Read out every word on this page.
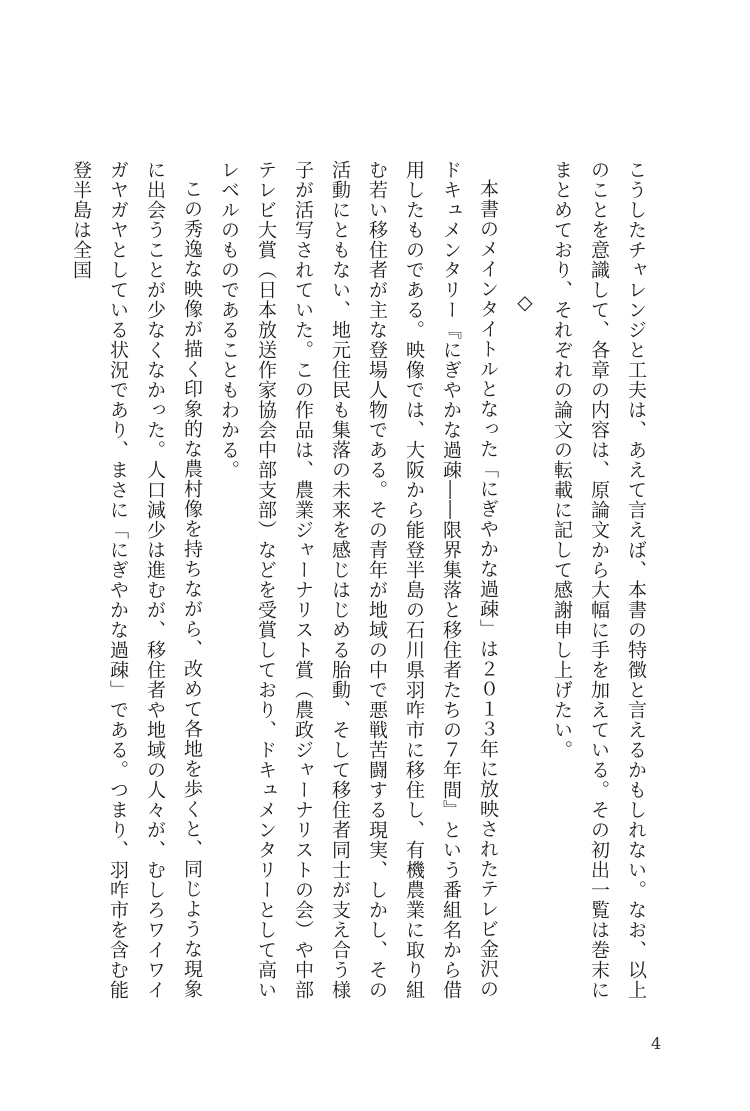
こうしたチャレンジと工夫は、あえて言えば、本書の特徴と言えるかもしれない。なお、以上のことを意識して、各章の内容は、原論文から大幅に手を加えている。その初出一覧は巻末にまとめており、それぞれの論文の転載に記して感謝申し上げたい。

◇

本書のメインタイトルとなった「にぎやかな過疎」は２０１３年に放映されたテレビ金沢のドキュメンタリー『にぎやかな過疎――限界集落と移住者たちの７年間』という番組名から借用したものである。映像では、大阪から能登半島の石川県羽咋市に移住し、有機農業に取り組む若い移住者が主な登場人物である。その青年が地域の中で悪戦苦闘する現実、しかし、その活動にともない、地元住民も集落の未来を感じはじめる胎動、そして移住者同士が支え合う様子が活写されていた。この作品は、農業ジャーナリスト賞（農政ジャーナリストの会）や中部テレビ大賞（日本放送作家協会中部支部）などを受賞しており、ドキュメンタリーとして高いレベルのものであることもわかる。

この秀逸な映像が描く印象的な農村像を持ちながら、改めて各地を歩くと、同じような現象に出会うことが少なくなかった。人口減少は進むが、移住者や地域の人々が、むしろワイワイガヤガヤとしている状況であり、まさに「にぎやかな過疎」である。つまり、羽咋市を含む能登半島は全国

4
